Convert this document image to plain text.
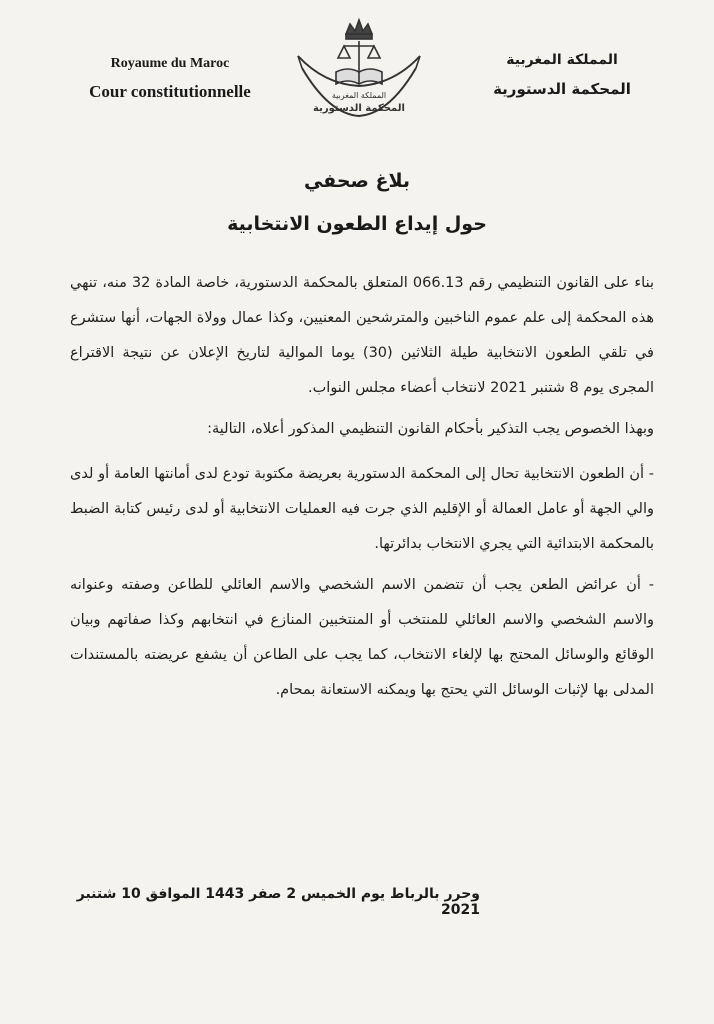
Royaume du Maroc
Cour constitutionnelle	المملكة المغربية
المحكمة الدستورية
المملكة المغربية
المحكمة الدستورية
بلاغ صحفي
حول إيداع الطعون الانتخابية

بناء على القانون التنظيمي رقم 066.13 المتعلق بالمحكمة الدستورية، خاصة المادة 32 منه، تنهي هذه المحكمة إلى علم عموم الناخبين والمترشحين المعنيين، وكذا عمال وولاة الجهات، أنها ستشرع في تلقي الطعون الانتخابية طيلة الثلاثين (30) يوما الموالية لتاريخ الإعلان عن نتيجة الاقتراع المجرى يوم 8 شتنبر 2021 لانتخاب أعضاء مجلس النواب.

وبهذا الخصوص يجب التذكير بأحكام القانون التنظيمي المذكور أعلاه، التالية:

- أن الطعون الانتخابية تحال إلى المحكمة الدستورية بعريضة مكتوبة تودع لدى أمانتها العامة أو لدى والي الجهة أو عامل العمالة أو الإقليم الذي جرت فيه العمليات الانتخابية أو لدى رئيس كتابة الضبط بالمحكمة الابتدائية التي يجري الانتخاب بدائرتها.

- أن عرائض الطعن يجب أن تتضمن الاسم الشخصي والاسم العائلي للطاعن وصفته وعنوانه والاسم الشخصي والاسم العائلي للمنتخب أو المنتخبين المنازع في انتخابهم وكذا صفاتهم وبيان الوقائع والوسائل المحتج بها لإلغاء الانتخاب، كما يجب على الطاعن أن يشفع عريضته بالمستندات المدلى بها لإثبات الوسائل التي يحتج بها ويمكنه الاستعانة بمحام.

وحرر بالرباط يوم الخميس 2 صفر 1443 الموافق 10 شتنبر 2021
